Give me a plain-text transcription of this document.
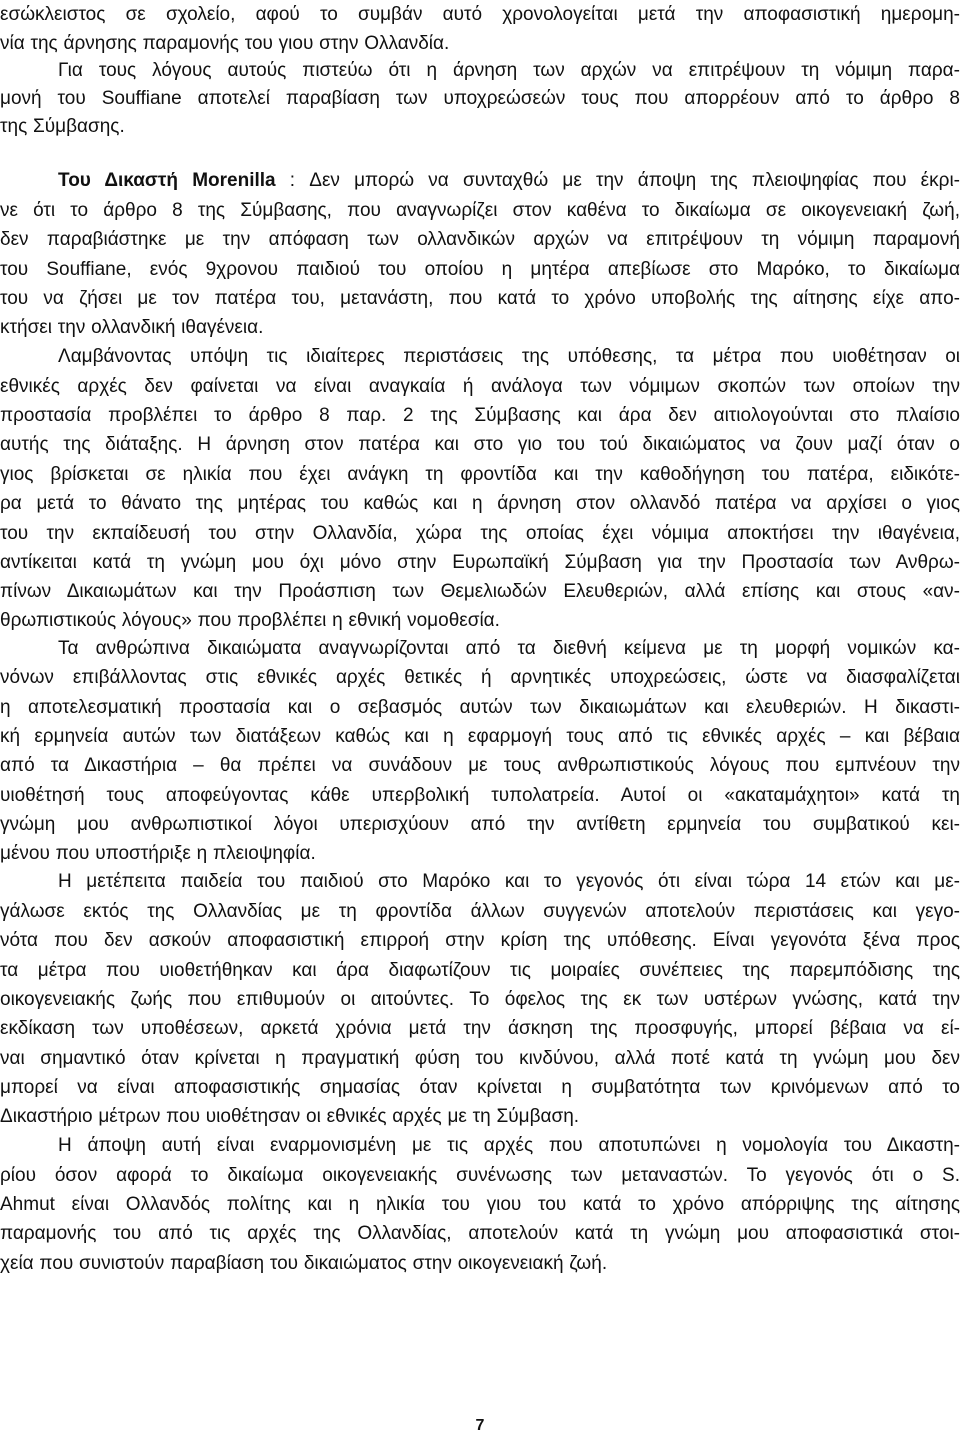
εσώκλειστος σε σχολείο, αφού το συμβάν αυτό χρονολογείται μετά την αποφασιστική ημερομη-
νία της άρνησης παραμονής του γιου στην Ολλανδία.
Για τους λόγους αυτούς πιστεύω ότι η άρνηση των αρχών να επιτρέψουν τη νόμιμη παρα-
μονή του Souffiane αποτελεί παραβίαση των υποχρεώσεών τους που απορρέουν από το άρθρο 8
της Σύμβασης.
Του Δικαστή Morenilla : Δεν μπορώ να συνταχθώ με την άποψη της πλειοψηφίας που έκρι-
νε ότι το άρθρο 8 της Σύμβασης, που αναγνωρίζει στον καθένα το δικαίωμα σε οικογενειακή ζωή,
δεν παραβιάστηκε με την απόφαση των ολλανδικών αρχών να επιτρέψουν τη νόμιμη παραμονή
του Souffiane, ενός 9χρονου παιδιού του οποίου η μητέρα απεβίωσε στο Μαρόκο, το δικαίωμα
του να ζήσει με τον πατέρα του, μετανάστη, που κατά το χρόνο υποβολής της αίτησης είχε απο-
κτήσει την ολλανδική ιθαγένεια.
Λαμβάνοντας υπόψη τις ιδιαίτερες περιστάσεις της υπόθεσης, τα μέτρα που υιοθέτησαν οι
εθνικές αρχές δεν φαίνεται να είναι αναγκαία ή ανάλογα των νόμιμων σκοπών των οποίων την
προστασία προβλέπει το άρθρο 8 παρ. 2 της Σύμβασης και άρα δεν αιτιολογούνται στο πλαίσιο
αυτής της διάταξης. Η άρνηση στον πατέρα και στο γιο του τού δικαιώματος να ζουν μαζί όταν ο
γιος βρίσκεται σε ηλικία που έχει ανάγκη τη φροντίδα και την καθοδήγηση του πατέρα, ειδικότε-
ρα μετά το θάνατο της μητέρας του καθώς και η άρνηση στον ολλανδό πατέρα να αρχίσει ο γιος
του την εκπαίδευσή του στην Ολλανδία, χώρα της οποίας έχει νόμιμα αποκτήσει την ιθαγένεια,
αντίκειται κατά τη γνώμη μου όχι μόνο στην Ευρωπαϊκή Σύμβαση για την Προστασία των Ανθρω-
πίνων Δικαιωμάτων και την Προάσπιση των Θεμελιωδών Ελευθεριών, αλλά επίσης και στους «αν-
θρωπιστικούς λόγους» που προβλέπει η εθνική νομοθεσία.
Τα ανθρώπινα δικαιώματα αναγνωρίζονται από τα διεθνή κείμενα με τη μορφή νομικών κα-
νόνων επιβάλλοντας στις εθνικές αρχές θετικές ή αρνητικές υποχρεώσεις, ώστε να διασφαλίζεται
η αποτελεσματική προστασία και ο σεβασμός αυτών των δικαιωμάτων και ελευθεριών. Η δικαστι-
κή ερμηνεία αυτών των διατάξεων καθώς και η εφαρμογή τους από τις εθνικές αρχές – και βέβαια
από τα Δικαστήρια – θα πρέπει να συνάδουν με τους ανθρωπιστικούς λόγους που εμπνέουν την
υιοθέτησή τους αποφεύγοντας κάθε υπερβολική τυπολατρεία. Αυτοί οι «ακαταμάχητοι» κατά τη
γνώμη μου ανθρωπιστικοί λόγοι υπερισχύουν από την αντίθετη ερμηνεία του συμβατικού κει-
μένου που υποστήριξε η πλειοψηφία.
Η μετέπειτα παιδεία του παιδιού στο Μαρόκο και το γεγονός ότι είναι τώρα 14 ετών και με-
γάλωσε εκτός της Ολλανδίας με τη φροντίδα άλλων συγγενών αποτελούν περιστάσεις και γεγο-
νότα που δεν ασκούν αποφασιστική επιρροή στην κρίση της υπόθεσης. Είναι γεγονότα ξένα προς
τα μέτρα που υιοθετήθηκαν και άρα διαφωτίζουν τις μοιραίες συνέπειες της παρεμπόδισης της
οικογενειακής ζωής που επιθυμούν οι αιτούντες. Το όφελος της εκ των υστέρων γνώσης, κατά την
εκδίκαση των υποθέσεων, αρκετά χρόνια μετά την άσκηση της προσφυγής, μπορεί βέβαια να εί-
ναι σημαντικό όταν κρίνεται η πραγματική φύση του κινδύνου, αλλά ποτέ κατά τη γνώμη μου δεν
μπορεί να είναι αποφασιστικής σημασίας όταν κρίνεται η συμβατότητα των κρινόμενων από το
Δικαστήριο μέτρων που υιοθέτησαν οι εθνικές αρχές με τη Σύμβαση.
Η άποψη αυτή είναι εναρμονισμένη με τις αρχές που αποτυπώνει η νομολογία του Δικαστη-
ρίου όσον αφορά το δικαίωμα οικογενειακής συνένωσης των μεταναστών. Το γεγονός ότι ο S.
Ahmut είναι Ολλανδός πολίτης και η ηλικία του γιου του κατά το χρόνο απόρριψης της αίτησης
παραμονής του από τις αρχές της Ολλανδίας, αποτελούν κατά τη γνώμη μου αποφασιστικά στοι-
χεία που συνιστούν παραβίαση του δικαιώματος στην οικογενειακή ζωή.
7
